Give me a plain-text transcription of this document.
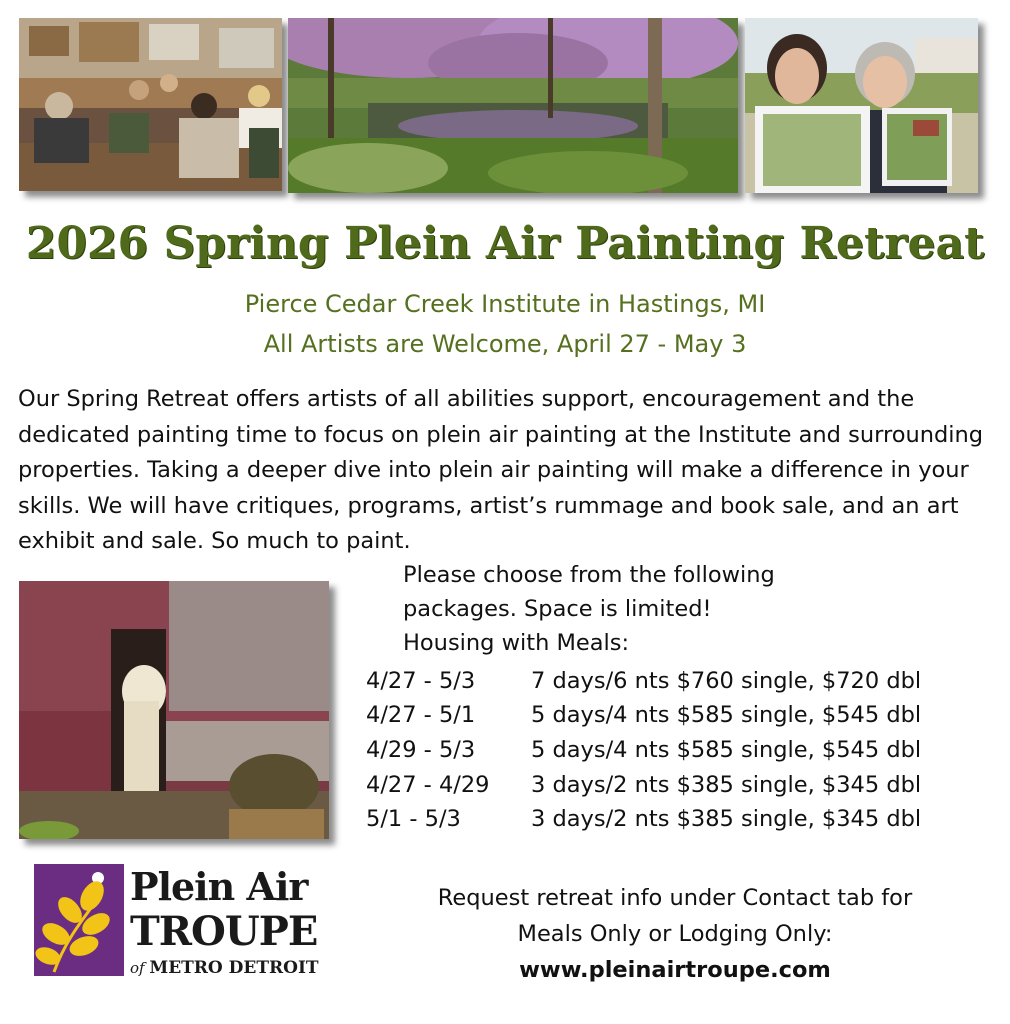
2026 Spring Plein Air Painting Retreat
Pierce Cedar Creek Institute in Hastings, MI
All Artists are Welcome, April 27 - May 3
Our Spring Retreat offers artists of all abilities support, encouragement and the dedicated painting time to focus on plein air painting at the Institute and surrounding properties. Taking a deeper dive into plein air painting will make a difference in your skills. We will have critiques, programs, artist’s rummage and book sale, and an art exhibit and sale. So much to paint.
Please choose from the following
packages. Space is limited!
Housing with Meals:
4/27 - 5/3 7 days/6 nts $760 single, $720 dbl
4/27 - 5/1 5 days/4 nts $585 single, $545 dbl
4/29 - 5/3 5 days/4 nts $585 single, $545 dbl
4/27 - 4/29 3 days/2 nts $385 single, $345 dbl
5/1 - 5/3	3 days/2 nts $385 single, $345 dbl
Plein Air
TROUPE
of METRO DETROIT
Request retreat info under Contact tab for
Meals Only or Lodging Only:
www.pleinairtroupe.com
